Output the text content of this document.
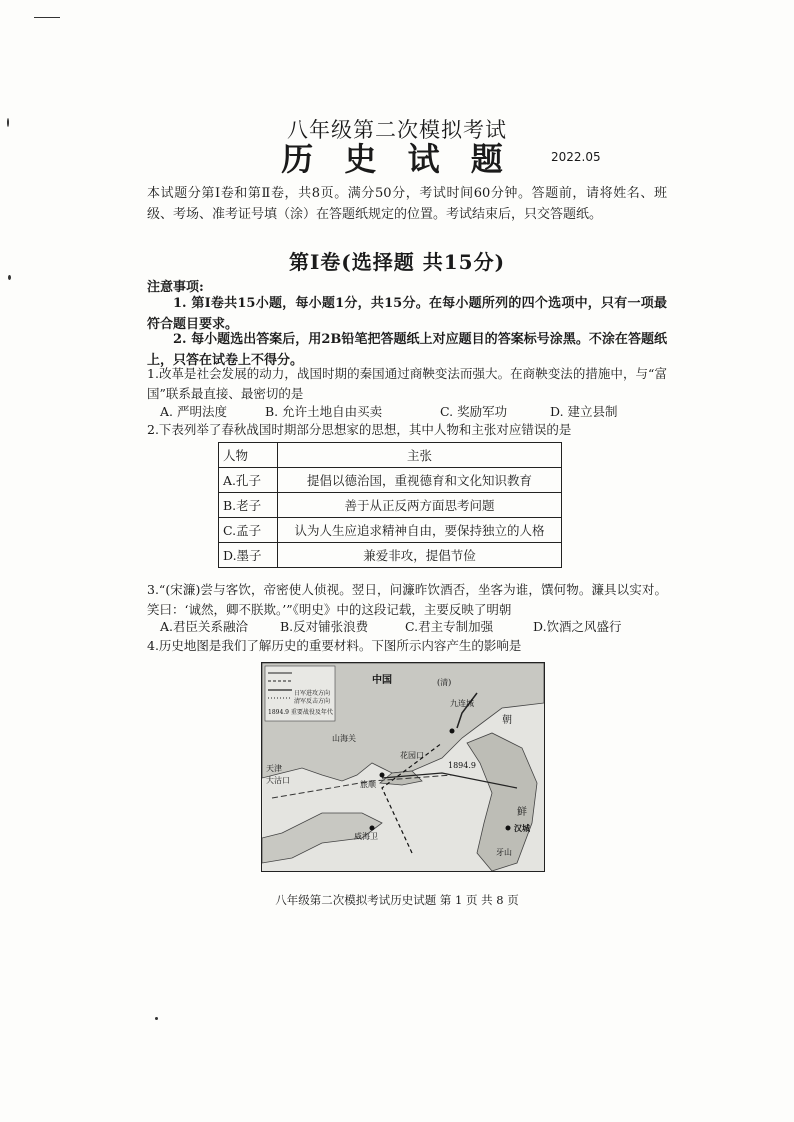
八年级第二次模拟考试
历 史 试 题	2022.05
本试题分第Ⅰ卷和第Ⅱ卷，共8页。满分50分，考试时间60分钟。答题前，请将姓名、班级、考场、准考证号填（涂）在答题纸规定的位置。考试结束后，只交答题纸。
第Ⅰ卷(选择题 共15分)
注意事项:
1. 第Ⅰ卷共15小题，每小题1分，共15分。在每小题所列的四个选项中，只有一项最符合题目要求。
2. 每小题选出答案后，用2B铅笔把答题纸上对应题目的答案标号涂黑。不涂在答题纸上，只答在试卷上不得分。
1.改革是社会发展的动力，战国时期的秦国通过商鞅变法而强大。在商鞅变法的措施中，与“富国”联系最直接、最密切的是
A. 严明法度	B. 允许土地自由买卖	C. 奖励军功	D. 建立县制
2.下表列举了春秋战国时期部分思想家的思想，其中人物和主张对应错误的是
人物	主张
A.孔子	提倡以德治国，重视德育和文化知识教育
B.老子	善于从正反两方面思考问题
C.孟子	认为人生应追求精神自由，要保持独立的人格
D.墨子	兼爱非攻，提倡节俭
3.“(宋濂)尝与客饮，帝密使人侦视。翌日，问濂昨饮酒否，坐客为谁，馔何物。濂具以实对。笑曰：‘诚然，卿不朕欺。’”《明史》中的这段记载，主要反映了明朝
A.君臣关系融洽	B.反对铺张浪费	C.君主专制加强	D.饮酒之风盛行
4.历史地图是我们了解历史的重要材料。下图所示内容产生的影响是
中国	(清)
九连城
朝
山海关
花园口
天津
大沽口	旅顺
1894.9
威海卫
汉城
牙山
鲜
日军进攻方向
清军反击方向
1894.9 重要战役及年代
八年级第二次模拟考试历史试题 第 1 页 共 8 页
